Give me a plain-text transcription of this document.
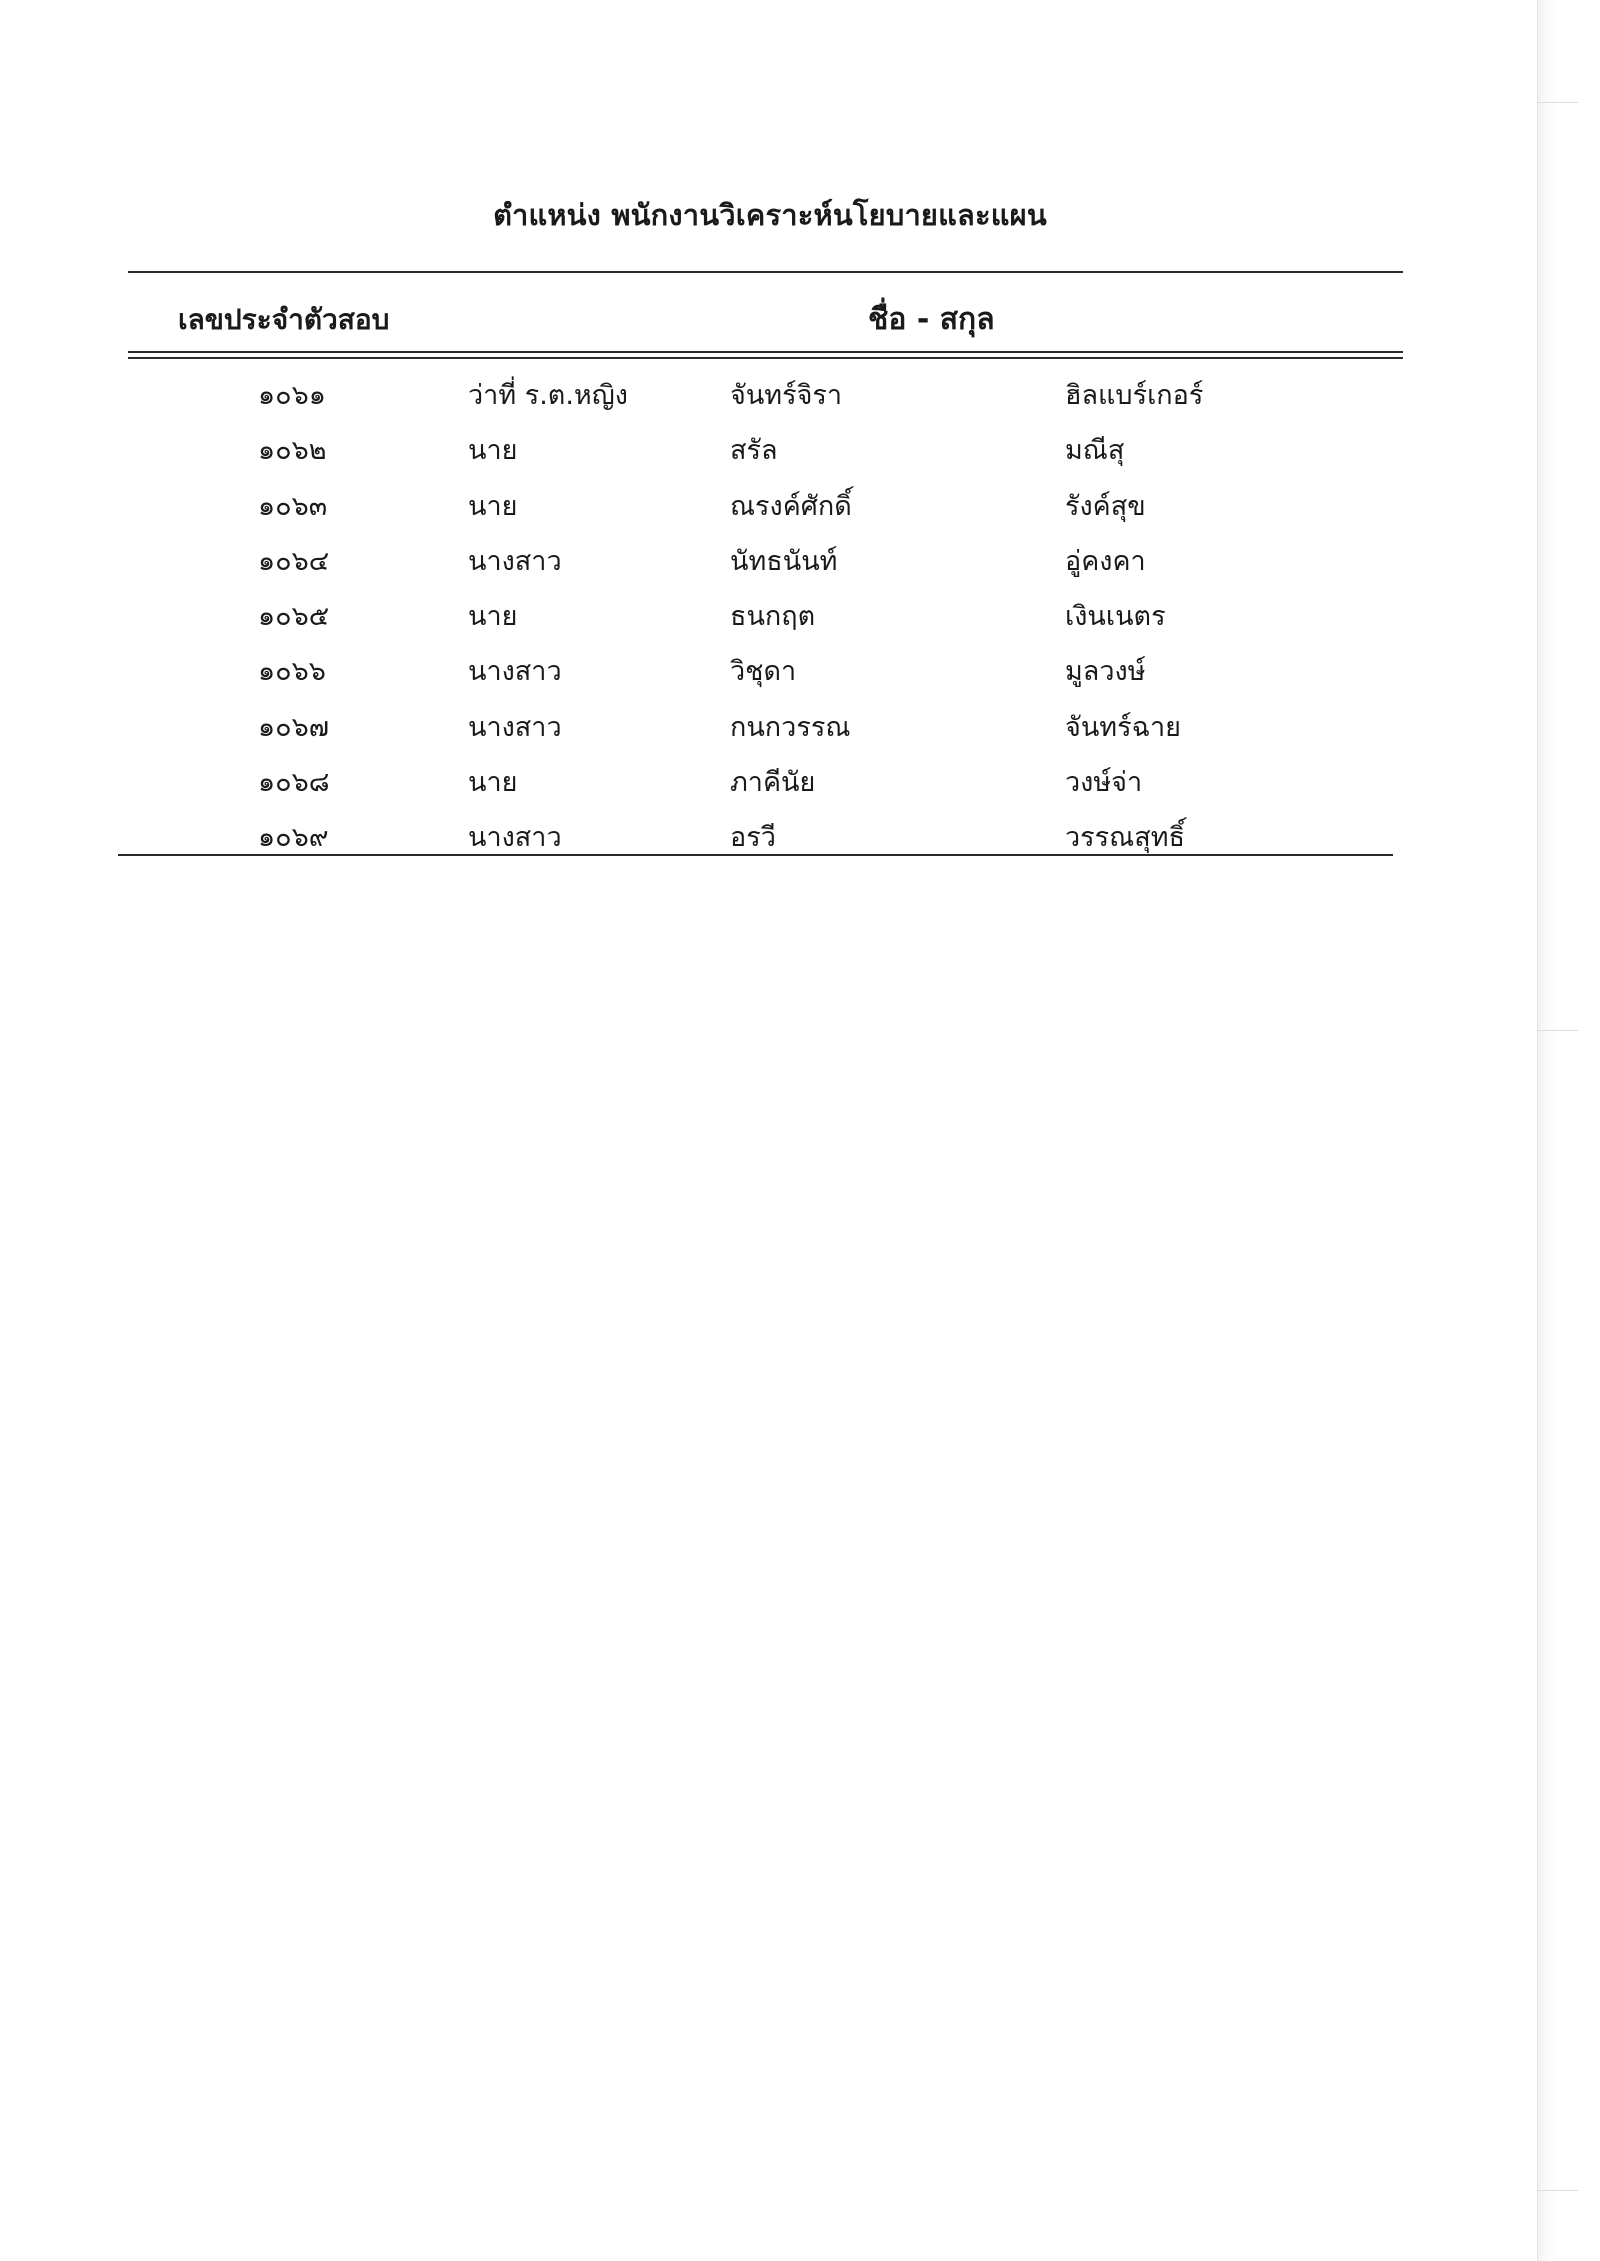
ตำแหน่ง พนักงานวิเคราะห์นโยบายและแผน
เลขประจำตัวสอบ	ชื่อ - สกุล
๑๐๖๑	ว่าที่ ร.ต.หญิง	จันทร์จิรา	ฮิลแบร์เกอร์
๑๐๖๒	นาย	สรัล	มณีสุ
๑๐๖๓	นาย	ณรงค์ศักดิ์	รังค์สุข
๑๐๖๔	นางสาว	นัทธนันท์	อู่คงคา
๑๐๖๕	นาย	ธนกฤต	เงินเนตร
๑๐๖๖	นางสาว	วิชุดา	มูลวงษ์
๑๐๖๗	นางสาว	กนกวรรณ	จันทร์ฉาย
๑๐๖๘	นาย	ภาคีนัย	วงษ์จ่า
๑๐๖๙	นางสาว	อรวี	วรรณสุทธิ์
